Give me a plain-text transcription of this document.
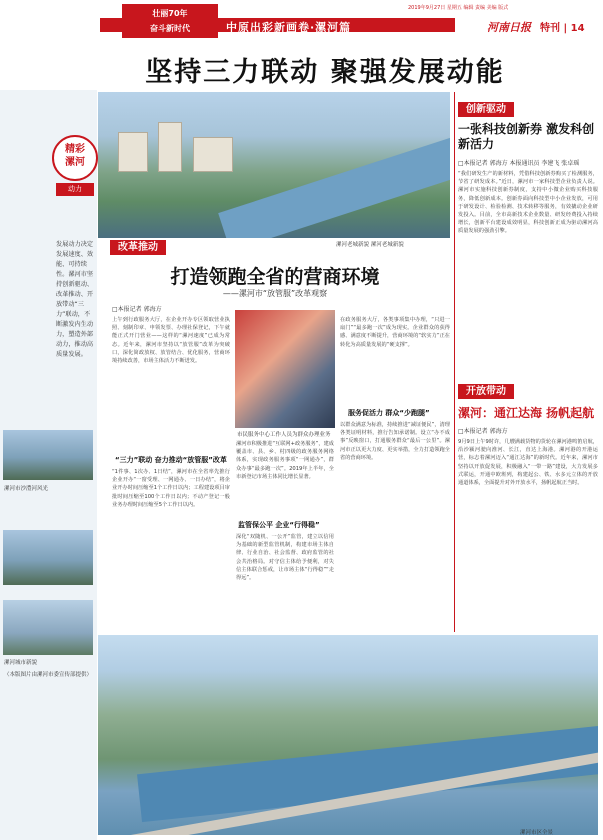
壮丽70年
奋斗新时代	中原出彩新画卷·漯河篇
2019年9月27日 星期五 编辑 责编 美编 版式
河南日报 特刊 | 14
坚持三力联动 聚强发展动能
精彩
漯河
动力
发展动力决定发展速度、效能、可持续性。漯河市坚持创新驱动、改革推动、开放带动“三力”联动，不断激发内生动力，塑造外部动力，推动高质量发展。
漯河市沙澧河风光
漯河城市新貌
（本版图片由漯河市委宣传部提供）
漯河老城新貌 漯河老城新貌
改革推动
打造领跑全省的营商环境
——漯河市“放管服”改革观察
□本报记者 郭海方
上午到行政服务大厅，在企业开办专区领取营业执照、刻制印章、申领发票、办理社保登记，下午就能正式开门营业——这样的“漯河速度”已成为常态。近年来，漯河市坚持以“放管服”改革为突破口，深化简政放权、放管结合、优化服务，营商环境持续改善，市场主体活力不断迸发。
“三力”联动 奋力推动“放管服”改革
“1件事、1次办、1日结”，漯河市在全省率先推行企业开办“一窗受理、一网通办、一日办结”，将企业开办时间压缩至1个工作日以内；工程建设项目审批时间压缩至100个工作日以内；不动产登记一般业务办理时间压缩至5个工作日以内。
市民服务中心工作人员为群众办理业务
漯河市积极推进“互联网+政务服务”，建成覆盖市、县、乡、村四级的政务服务网络体系，实现政务服务事项“一网通办”，群众办事“最多跑一次”。2019年上半年，全市新登记市场主体同比增长显著。
监管保公平 企业“行得稳”
深化“双随机、一公开”监管，建立以信用为基础的新型监管机制，构建市场主体自律、行业自治、社会监督、政府监管的社会共治格局。对守信主体给予便利，对失信主体联合惩戒，让市场主体“行得稳”“走得远”。
在政务服务大厅，各类事项集中办理，“只进一扇门”“最多跑一次”成为现实。企业群众的获得感、满意度不断提升，营商环境的“软实力”正在转化为高质量发展的“硬支撑”。
服务促活力 群众“少跑腿”
以群众满意为标准，持续推进“减证便民”，清理各类证明材料，推行告知承诺制。设立“办不成事”反映窗口，打通服务群众“最后一公里”。漯河市正以更大力度、更实举措，全力打造领跑全省的营商环境。
创新驱动
一张科技创新券 激发科创新活力
□本报记者 郭海方 本报通讯员 李建飞 张卓瑶
“我们研发生产的新材料，凭借科技创新券购买了检测服务，节省了研发成本。”近日，漯河市一家科技型企业负责人说。漯河市实施科技创新券制度，支持中小微企业购买科技服务，降低创新成本。创新券面向科技型中小企业发放，可用于研发设计、检验检测、技术转移等服务，有效撬动企业研发投入。目前，全市高新技术企业数量、研发经费投入持续增长，创新平台建设成效明显，科技创新正成为驱动漯河高质量发展的强劲引擎。
开放带动
漯河：通江达海 扬帆起航
□本报记者 郭海方
9月9日上午9时许，几艘满载货物的货轮在漯河港鸣笛启航，沿沙颍河驶向淮河、长江，直达上海港。漯河港的开港运营，标志着漯河迈入“通江达海”的新时代。近年来，漯河市坚持以开放促发展，积极融入“一带一路”建设，大力发展多式联运，开通中欧班列，构建起公、铁、水多元立体的开放通道体系，全面提升对外开放水平，扬帆起航正当时。
漯河市区全景
